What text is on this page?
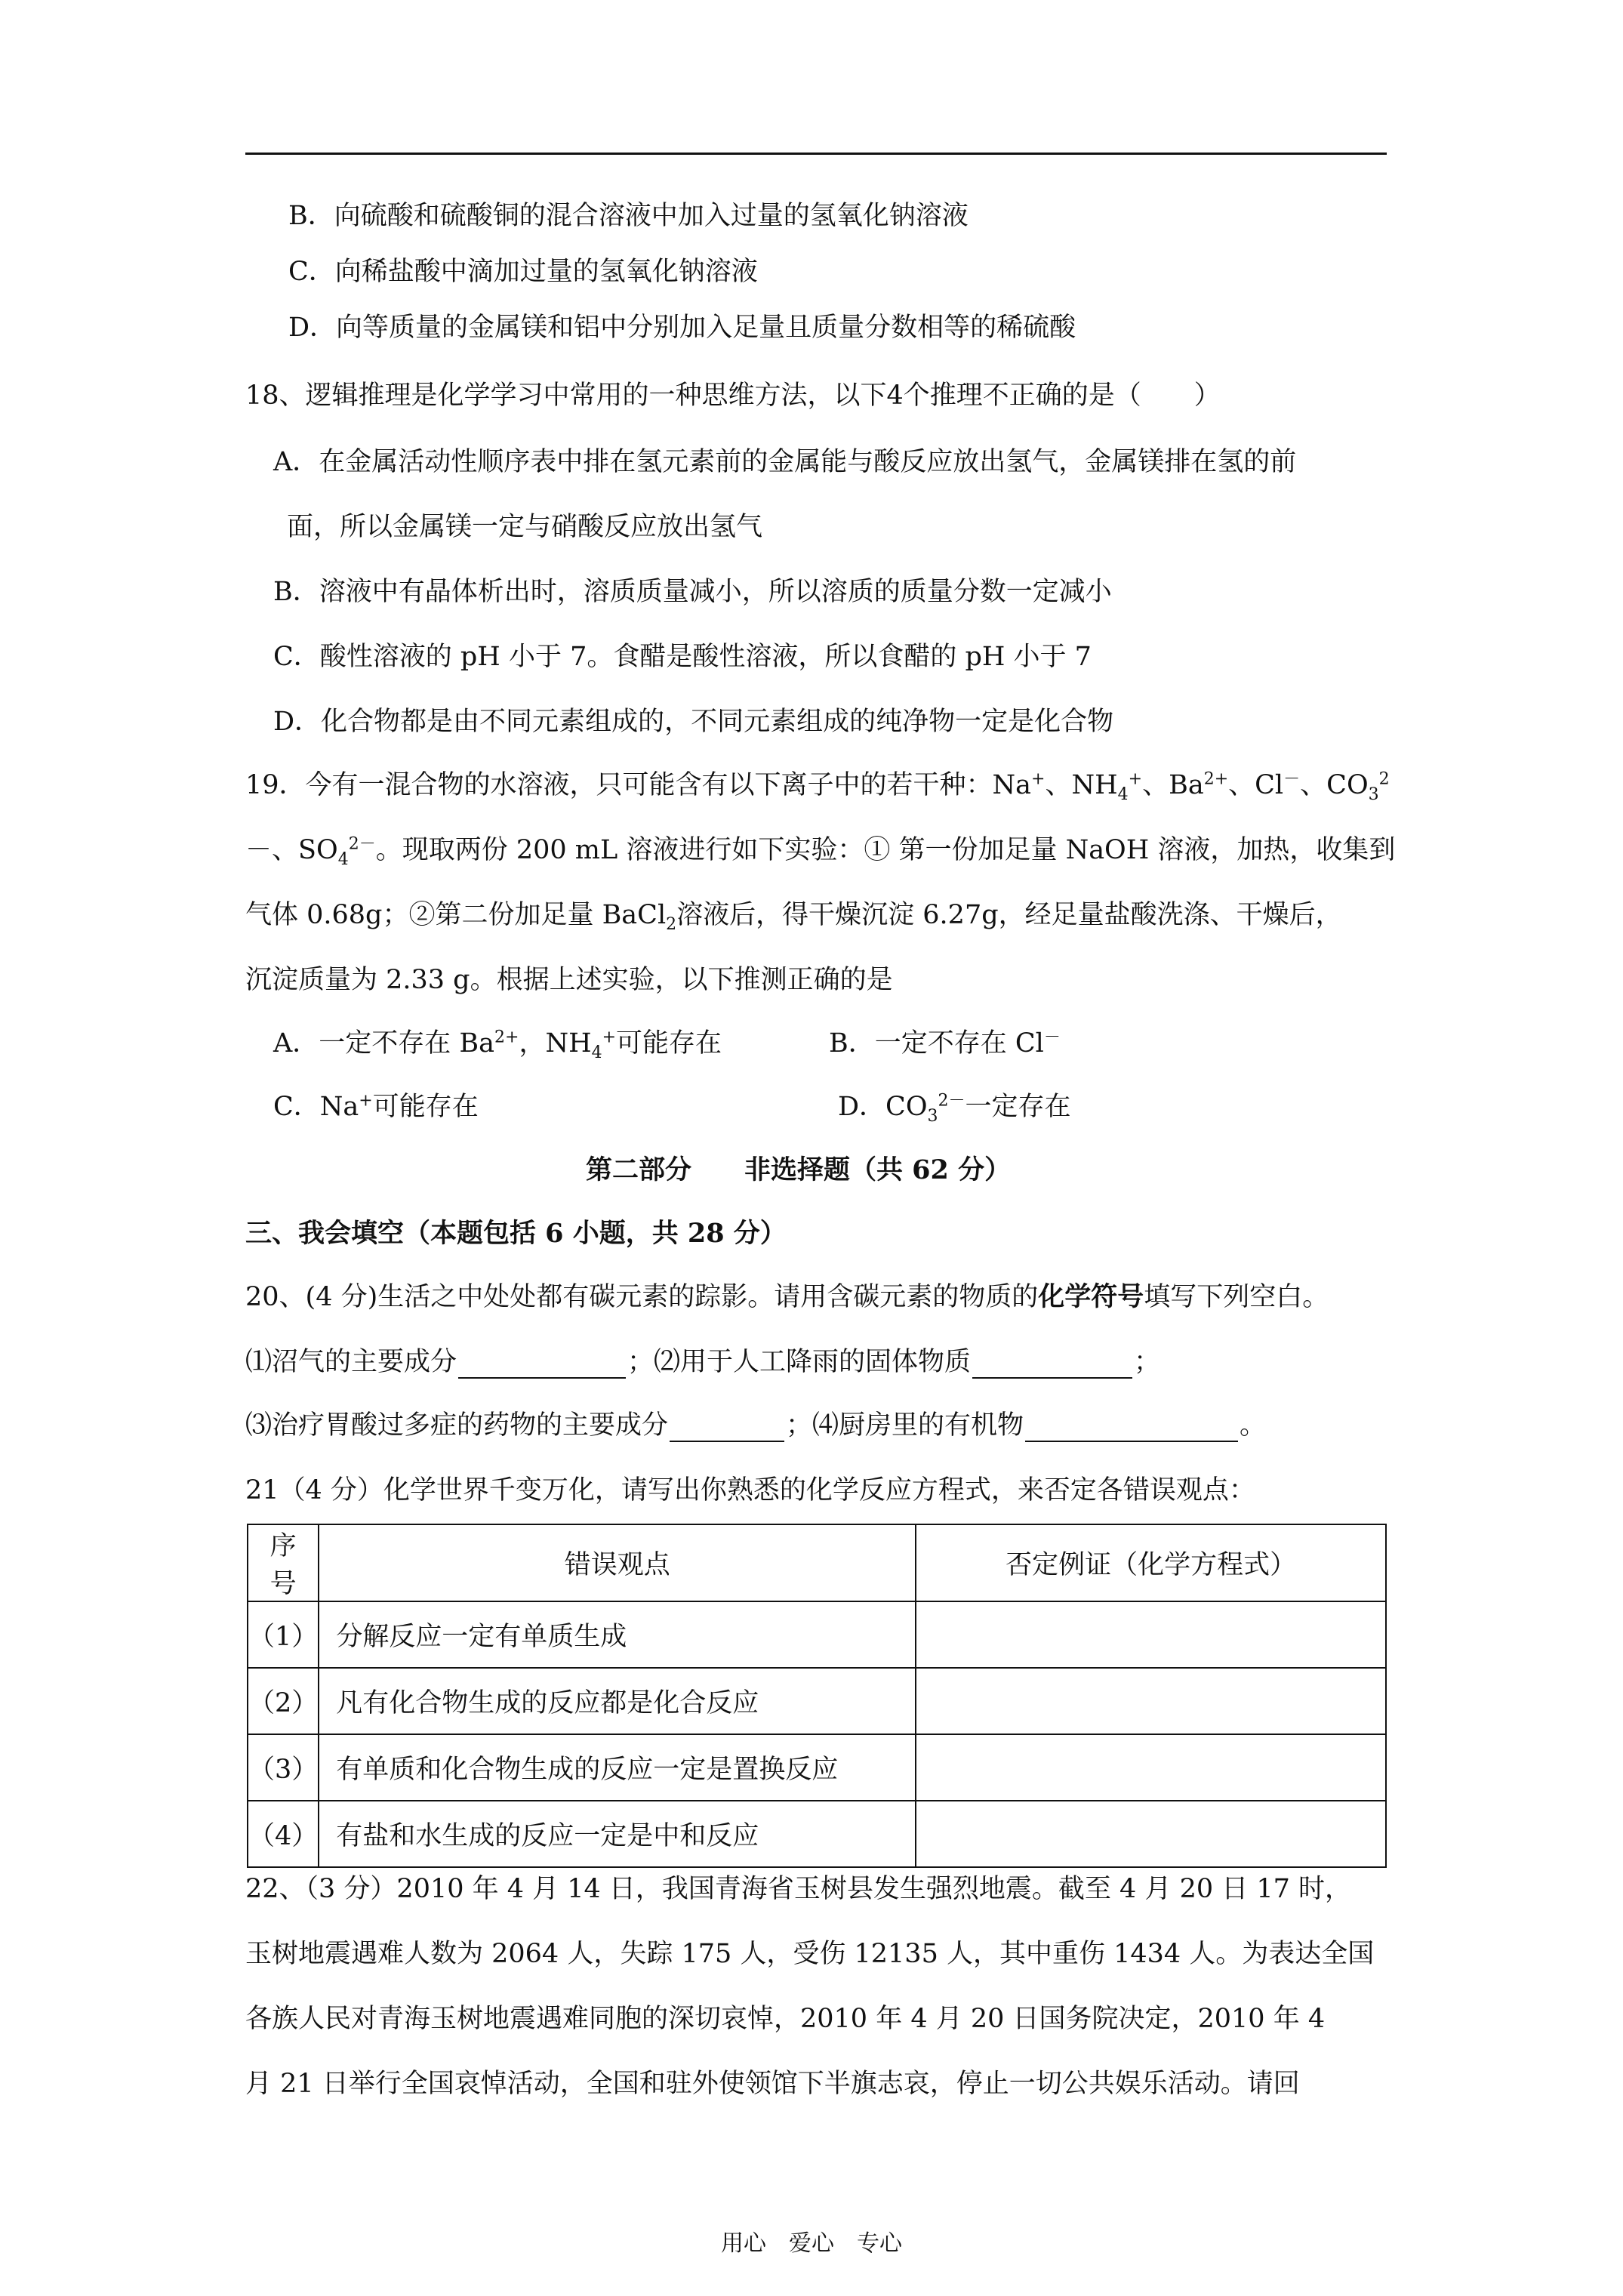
B．向硫酸和硫酸铜的混合溶液中加入过量的氢氧化钠溶液
C．向稀盐酸中滴加过量的氢氧化钠溶液
D．向等质量的金属镁和铝中分别加入足量且质量分数相等的稀硫酸
18、逻辑推理是化学学习中常用的一种思维方法，以下4个推理不正确的是（　　）
A．在金属活动性顺序表中排在氢元素前的金属能与酸反应放出氢气，金属镁排在氢的前
面，所以金属镁一定与硝酸反应放出氢气
B．溶液中有晶体析出时，溶质质量减小，所以溶质的质量分数一定减小
C．酸性溶液的 pH 小于 7。食醋是酸性溶液，所以食醋的 pH 小于 7
D．化合物都是由不同元素组成的，不同元素组成的纯净物一定是化合物
19．今有一混合物的水溶液，只可能含有以下离子中的若干种：Na+、$NH_4^+$、$Ba^{2+}$、Cl－、$CO_3^2$
－、$SO_4^{2-}$。现取两份 200 mL 溶液进行如下实验：① 第一份加足量 NaOH 溶液，加热，收集到
气体 0.68g；②第二份加足量 BaCl$_2$溶液后，得干燥沉淀 6.27g，经足量盐酸洗涤、干燥后，
沉淀质量为 2.33 g。根据上述实验，以下推测正确的是
A．一定不存在 $Ba^{2+}$，$NH_4^+$可能存在	B．一定不存在 Cl－
C．Na+可能存在	D．$CO_3^{2-}$一定存在
第二部分　　非选择题（共 62 分）
三、我会填空（本题包括 6 小题，共 28 分）
20、(4 分)生活之中处处都有碳元素的踪影。请用含碳元素的物质的化学符号填写下列空白。
⑴沼气的主要成分	；⑵用于人工降雨的固体物质	；
⑶治疗胃酸过多症的药物的主要成分	；⑷厨房里的有机物	。
21（4 分）化学世界千变万化，请写出你熟悉的化学反应方程式，来否定各错误观点：
序号	错误观点	否定例证（化学方程式）
（1）	分解反应一定有单质生成	
（2）	凡有化合物生成的反应都是化合反应	
（3）	有单质和化合物生成的反应一定是置换反应	
（4）	有盐和水生成的反应一定是中和反应	
22、（3 分）2010 年 4 月 14 日，我国青海省玉树县发生强烈地震。截至 4 月 20 日 17 时，
玉树地震遇难人数为 2064 人，失踪 175 人，受伤 12135 人，其中重伤 1434 人。为表达全国
各族人民对青海玉树地震遇难同胞的深切哀悼，2010 年 4 月 20 日国务院决定，2010 年 4
月 21 日举行全国哀悼活动，全国和驻外使领馆下半旗志哀，停止一切公共娱乐活动。请回
用心　爱心　专心
